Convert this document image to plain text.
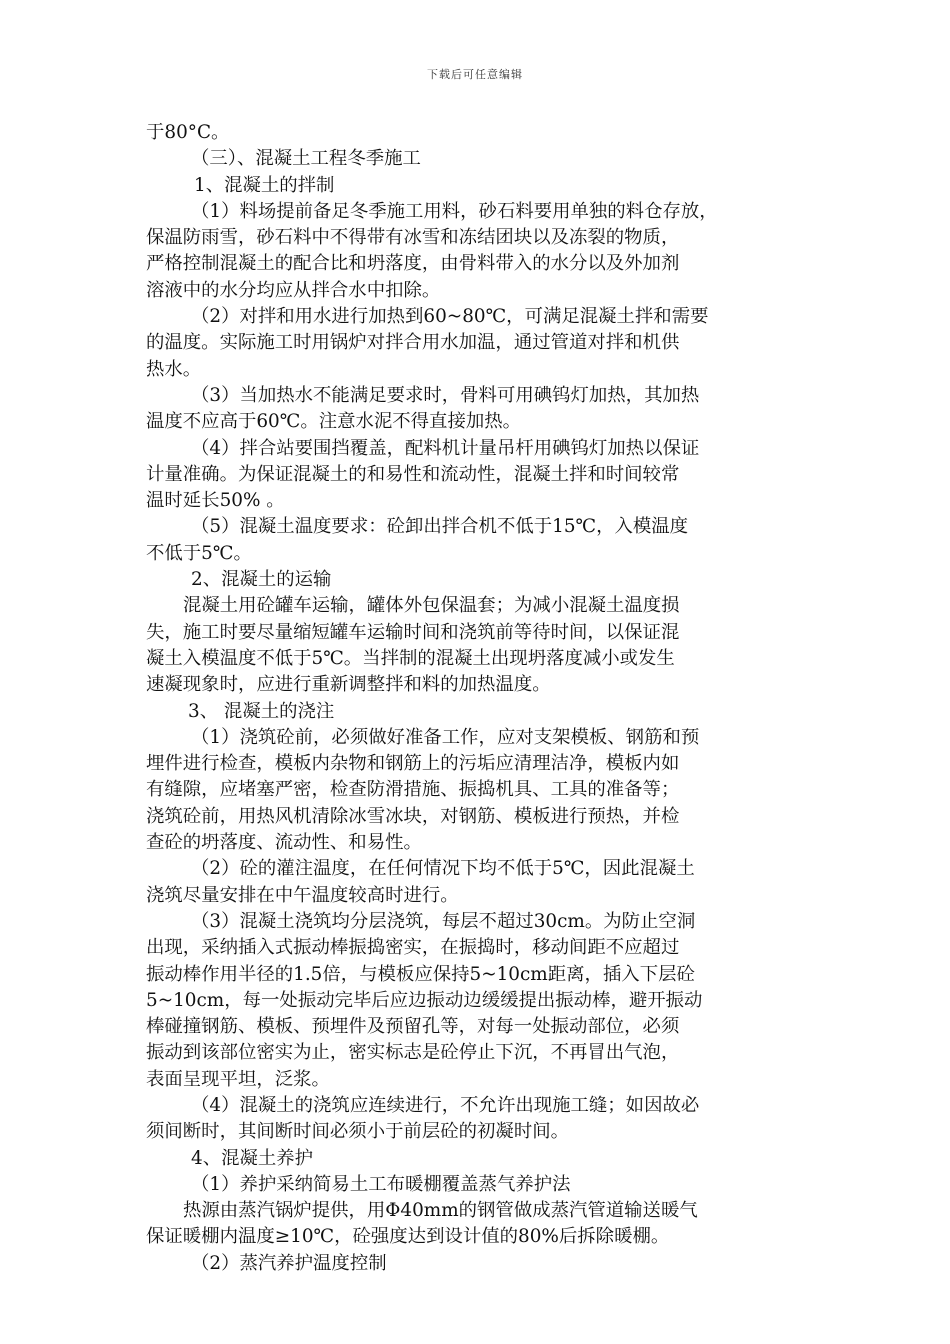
下载后可任意编辑
于80°C。
（三）、混凝土工程冬季施工
1、混凝土的拌制
（1）料场提前备足冬季施工用料，砂石料要用单独的料仓存放，
保温防雨雪，砂石料中不得带有冰雪和冻结团块以及冻裂的物质，
严格控制混凝土的配合比和坍落度，由骨料带入的水分以及外加剂
溶液中的水分均应从拌合水中扣除。
（2）对拌和用水进行加热到60~80℃，可满足混凝土拌和需要
的温度。实际施工时用锅炉对拌合用水加温，通过管道对拌和机供
热水。
（3）当加热水不能满足要求时，骨料可用碘钨灯加热，其加热
温度不应高于60℃。注意水泥不得直接加热。
（4）拌合站要围挡覆盖，配料机计量吊杆用碘钨灯加热以保证
计量准确。为保证混凝土的和易性和流动性，混凝土拌和时间较常
温时延长50% 。
（5）混凝土温度要求：砼卸出拌合机不低于15℃，入模温度
不低于5℃。
2、混凝土的运输
混凝土用砼罐车运输，罐体外包保温套；为减小混凝土温度损
失，施工时要尽量缩短罐车运输时间和浇筑前等待时间，以保证混
凝土入模温度不低于5℃。当拌制的混凝土出现坍落度减小或发生
速凝现象时，应进行重新调整拌和料的加热温度。
3、 混凝土的浇注
（1）浇筑砼前，必须做好准备工作，应对支架模板、钢筋和预
埋件进行检查，模板内杂物和钢筋上的污垢应清理洁净，模板内如
有缝隙，应堵塞严密，检查防滑措施、振捣机具、工具的准备等；
浇筑砼前，用热风机清除冰雪冰块，对钢筋、模板进行预热，并检
查砼的坍落度、流动性、和易性。
（2）砼的灌注温度，在任何情况下均不低于5℃，因此混凝土
浇筑尽量安排在中午温度较高时进行。
（3）混凝土浇筑均分层浇筑，每层不超过30cm。为防止空洞
出现，采纳插入式振动棒振捣密实，在振捣时，移动间距不应超过
振动棒作用半径的1.5倍，与模板应保持5~10cm距离，插入下层砼
5~10cm，每一处振动完毕后应边振动边缓缓提出振动棒，避开振动
棒碰撞钢筋、模板、预埋件及预留孔等，对每一处振动部位，必须
振动到该部位密实为止，密实标志是砼停止下沉，不再冒出气泡，
表面呈现平坦，泛浆。
（4）混凝土的浇筑应连续进行，不允许出现施工缝；如因故必
须间断时，其间断时间必须小于前层砼的初凝时间。
4、混凝土养护
（1）养护采纳简易土工布暖棚覆盖蒸气养护法
热源由蒸汽锅炉提供，用Φ40mm的钢管做成蒸汽管道输送暖气
保证暖棚内温度≥10℃，砼强度达到设计值的80%后拆除暖棚。
（2）蒸汽养护温度控制
